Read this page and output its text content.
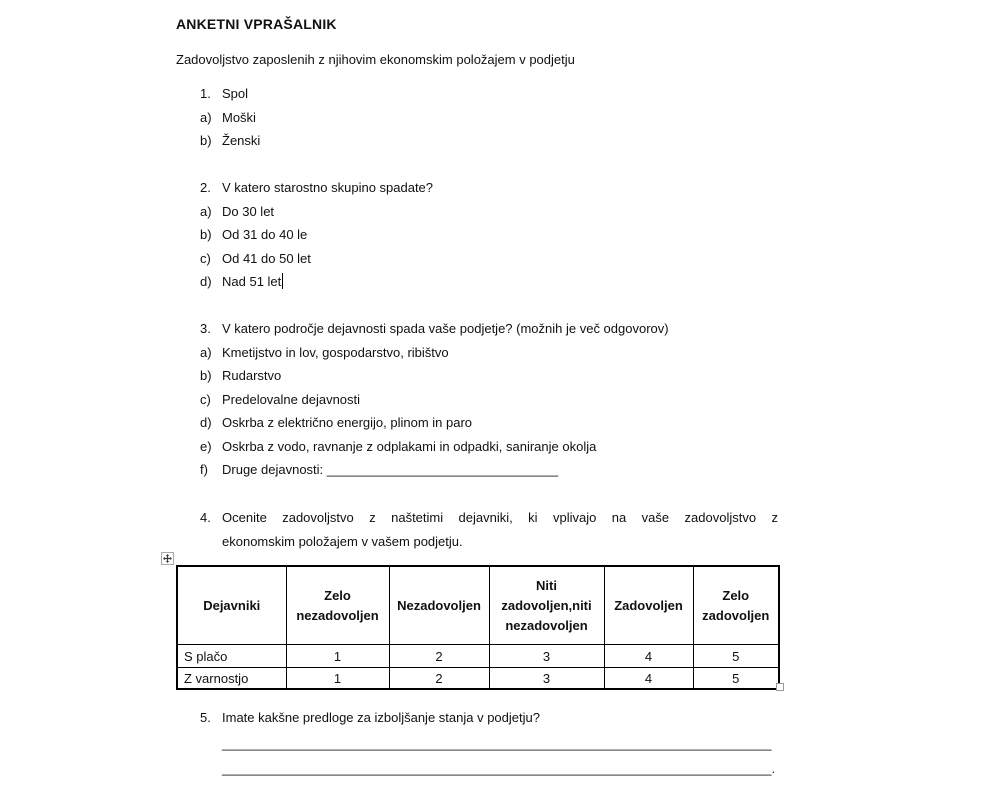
ANKETNI VPRAŠALNIK
Zadovoljstvo zaposlenih z njihovim ekonomskim položajem v podjetju
1. Spol
a) Moški
b) Ženski
2. V katero starostno skupino spadate?
a) Do 30 let
b) Od 31 do 40 le
c) Od 41 do 50 let
d) Nad 51 let
3. V katero področje dejavnosti spada vaše podjetje? (možnih je več odgovorov)
a) Kmetijstvo in lov, gospodarstvo, ribištvo
b) Rudarstvo
c) Predelovalne dejavnosti
d) Oskrba z električno energijo, plinom in paro
e) Oskrba z vodo, ravnanje z odplakami in odpadki, saniranje okolja
f) Druge dejavnosti: ________________________________
4. Ocenite zadovoljstvo z naštetimi dejavniki, ki vplivajo na vaše zadovoljstvo z
ekonomskim položajem v vašem podjetju.
Dejavniki	Zelo nezadovoljen	Nezadovoljen	Niti zadovoljen,niti nezadovoljen	Zadovoljen	Zelo zadovoljen
S plačo	1	2	3	4	5
Z varnostjo	1	2	3	4	5
5. Imate kakšne predloge za izboljšanje stanja v podjetju?
____________________________________________________________________________
____________________________________________________________________________.
